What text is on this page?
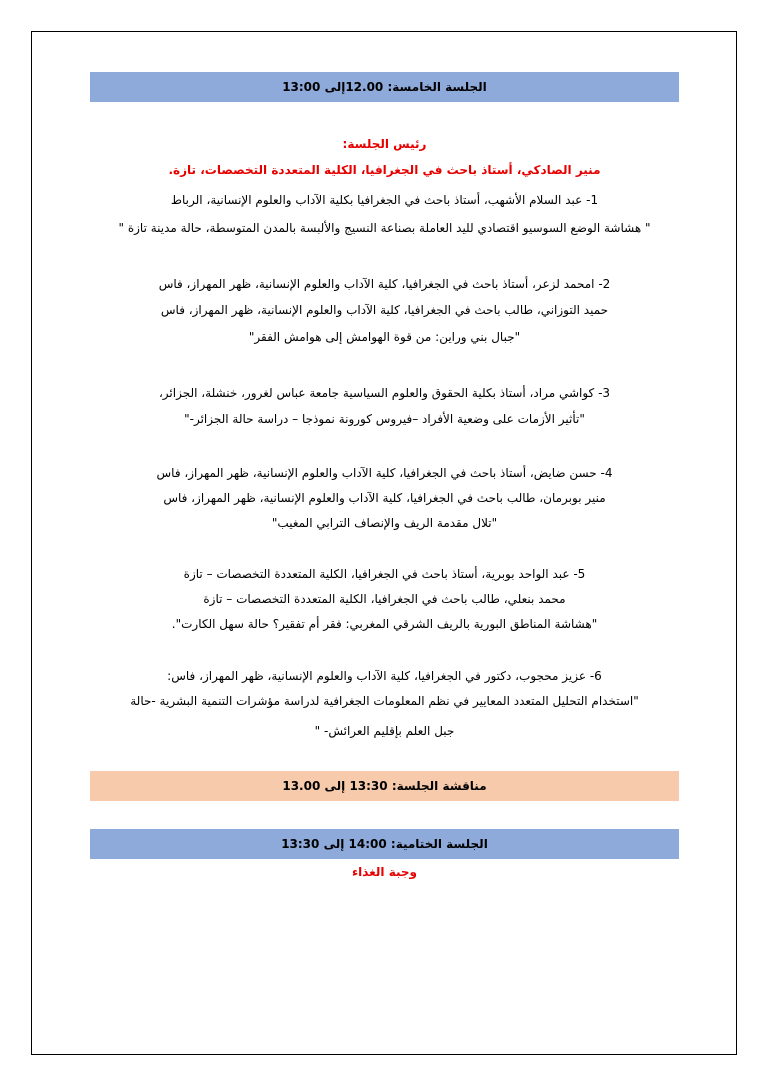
الجلسة الخامسة: 12.00إلى 13:00
رئيس الجلسة:
منير الصادكي، أستاذ باحث في الجغرافيا، الكلية المتعددة التخصصات، تازة.
1- عبد السلام الأشهب، أستاذ باحث في الجغرافيا بكلية الآداب والعلوم الإنسانية، الرباط
" هشاشة الوضع السوسيو اقتصادي لليد العاملة بصناعة النسيج والألبسة بالمدن المتوسطة، حالة مدينة تازة "
2- امحمد لزعر، أستاذ باحث في الجغرافيا، كلية الآداب والعلوم الإنسانية، ظهر المهراز، فاس
حميد التوزاني، طالب باحث في الجغرافيا، كلية الآداب والعلوم الإنسانية، ظهر المهراز، فاس
"جبال بني وراين: من قوة الهوامش إلى هوامش الفقر"
3- كواشي مراد، أستاذ بكلية الحقوق والعلوم السياسية جامعة عباس لغرور، خنشلة، الجزائر،
"تأثير الأزمات على وضعية الأفراد –فيروس كورونة نموذجا – دراسة حالة الجزائر-"
4- حسن ضايض، أستاذ باحث في الجغرافيا، كلية الآداب والعلوم الإنسانية، ظهر المهراز، فاس
منير بوبرمان، طالب باحث في الجغرافيا، كلية الآداب والعلوم الإنسانية، ظهر المهراز، فاس
"تلال مقدمة الريف والإنصاف الترابي المغيب"
5- عبد الواحد بوبرية، أستاذ باحث في الجغرافيا، الكلية المتعددة التخصصات – تازة
محمد بنعلي، طالب باحث في الجغرافيا، الكلية المتعددة التخصصات – تازة
"هشاشة المناطق البورية بالريف الشرقي المغربي: فقر أم تفقير؟ حالة سهل الكارت".
6- عزيز محجوب، دكتور في الجغرافيا، كلية الآداب والعلوم الإنسانية، ظهر المهراز، فاس:
"استخدام التحليل المتعدد المعايير في نظم المعلومات الجغرافية لدراسة مؤشرات التنمية البشرية -حالة
جبل العلم بإقليم العرائش- "
مناقشة الجلسة: 13:30 إلى 13.00
الجلسة الختامية: 14:00 إلى 13:30
وجبة الغذاء
